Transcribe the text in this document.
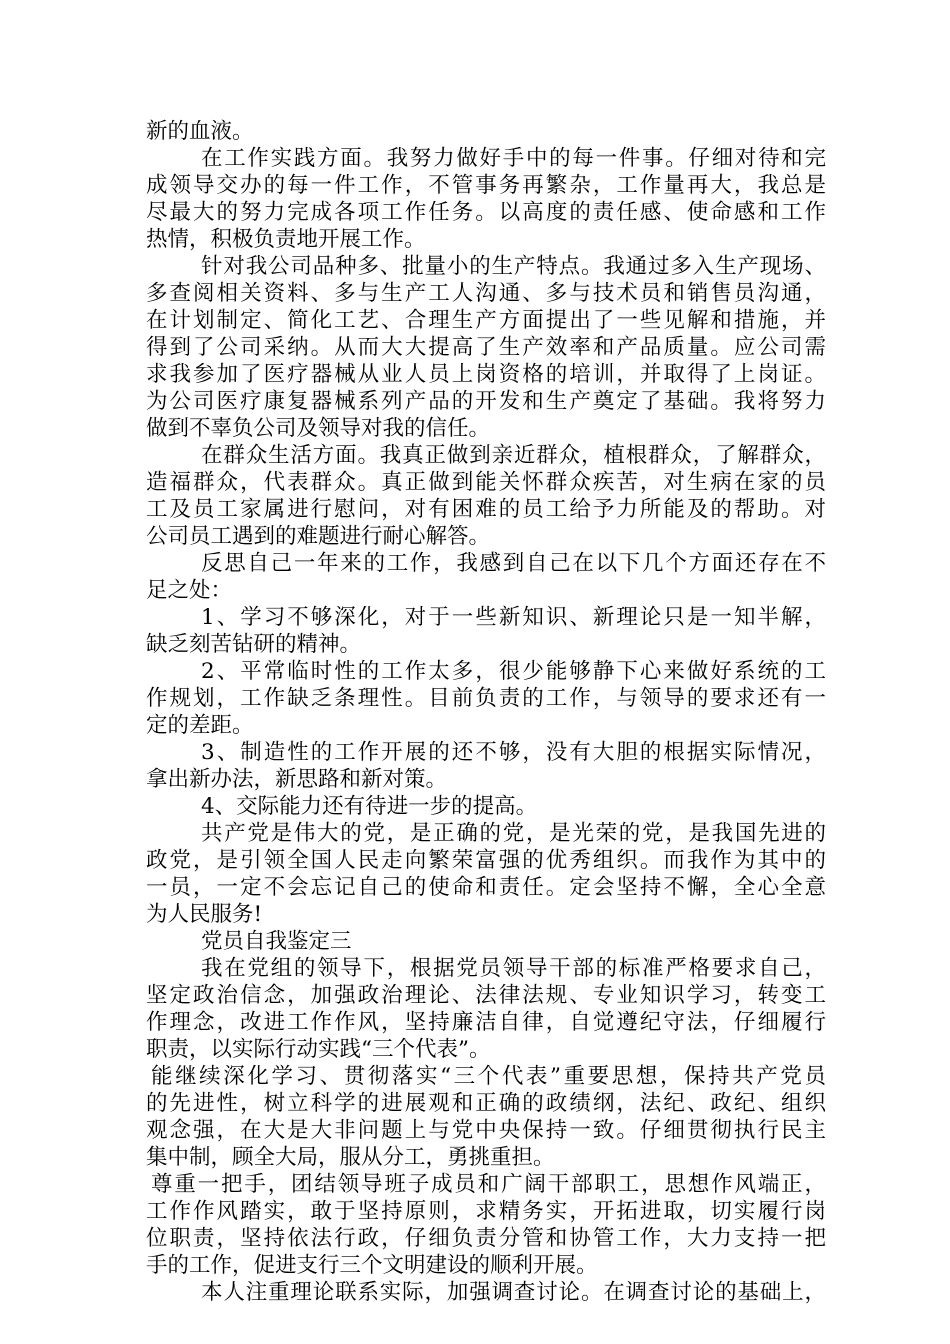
新的血液。
在工作实践方面。我努力做好手中的每一件事。仔细对待和完
成领导交办的每一件工作，不管事务再繁杂，工作量再大，我总是
尽最大的努力完成各项工作任务。以高度的责任感、使命感和工作
热情，积极负责地开展工作。
针对我公司品种多、批量小的生产特点。我通过多入生产现场、
多查阅相关资料、多与生产工人沟通、多与技术员和销售员沟通，
在计划制定、简化工艺、合理生产方面提出了一些见解和措施，并
得到了公司采纳。从而大大提高了生产效率和产品质量。应公司需
求我参加了医疗器械从业人员上岗资格的培训，并取得了上岗证。
为公司医疗康复器械系列产品的开发和生产奠定了基础。我将努力
做到不辜负公司及领导对我的信任。
在群众生活方面。我真正做到亲近群众，植根群众，了解群众，
造福群众，代表群众。真正做到能关怀群众疾苦，对生病在家的员
工及员工家属进行慰问，对有困难的员工给予力所能及的帮助。对
公司员工遇到的难题进行耐心解答。
反思自己一年来的工作，我感到自己在以下几个方面还存在不
足之处：
1、学习不够深化，对于一些新知识、新理论只是一知半解，
缺乏刻苦钻研的精神。
2、平常临时性的工作太多，很少能够静下心来做好系统的工
作规划，工作缺乏条理性。目前负责的工作，与领导的要求还有一
定的差距。
3、制造性的工作开展的还不够，没有大胆的根据实际情况，
拿出新办法，新思路和新对策。
4、交际能力还有待进一步的提高。
共产党是伟大的党，是正确的党，是光荣的党，是我国先进的
政党，是引领全国人民走向繁荣富强的优秀组织。而我作为其中的
一员，一定不会忘记自己的使命和责任。定会坚持不懈，全心全意
为人民服务!
党员自我鉴定三
我在党组的领导下，根据党员领导干部的标准严格要求自己，
坚定政治信念，加强政治理论、法律法规、专业知识学习，转变工
作理念，改进工作作风，坚持廉洁自律，自觉遵纪守法，仔细履行
职责，以实际行动实践“三个代表”。
能继续深化学习、贯彻落实“三个代表”重要思想，保持共产党员
的先进性，树立科学的进展观和正确的政绩纲，法纪、政纪、组织
观念强，在大是大非问题上与党中央保持一致。仔细贯彻执行民主
集中制，顾全大局，服从分工，勇挑重担。
尊重一把手，团结领导班子成员和广阔干部职工，思想作风端正，
工作作风踏实，敢于坚持原则，求精务实，开拓进取，切实履行岗
位职责，坚持依法行政，仔细负责分管和协管工作，大力支持一把
手的工作，促进支行三个文明建设的顺利开展。
本人注重理论联系实际，加强调查讨论。在调查讨论的基础上，
